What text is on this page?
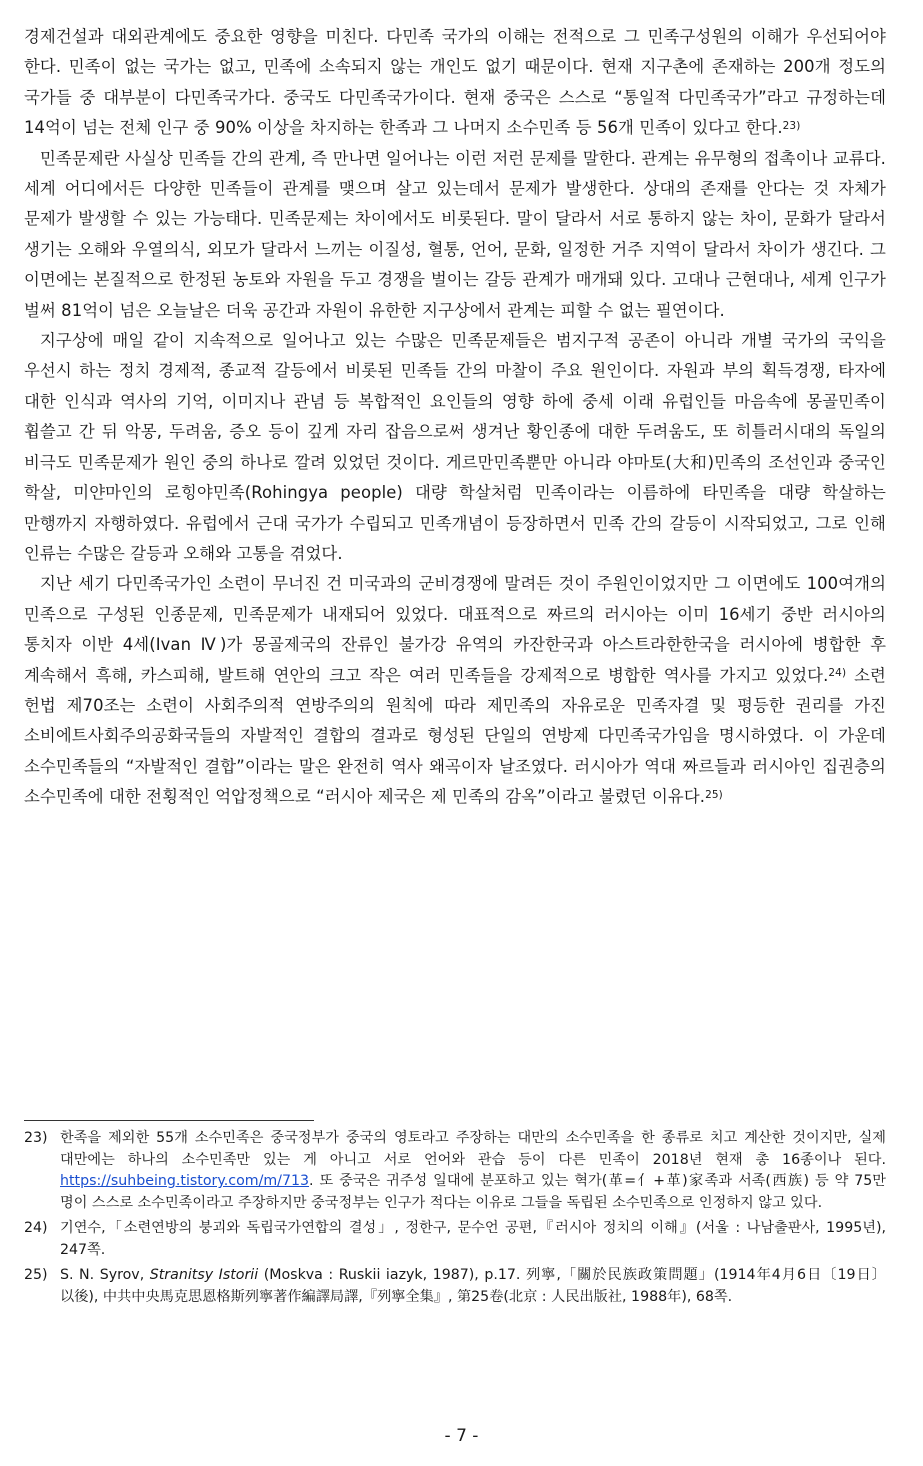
경제건설과 대외관계에도 중요한 영향을 미친다. 다민족 국가의 이해는 전적으로 그 민족구성원의 이해가 우선되어야 한다. 민족이 없는 국가는 없고, 민족에 소속되지 않는 개인도 없기 때문이다. 현재 지구촌에 존재하는 200개 정도의 국가들 중 대부분이 다민족국가다. 중국도 다민족국가이다. 현재 중국은 스스로 “통일적 다민족국가”라고 규정하는데 14억이 넘는 전체 인구 중 90% 이상을 차지하는 한족과 그 나머지 소수민족 등 56개 민족이 있다고 한다.$^{23)}$

민족문제란 사실상 민족들 간의 관계, 즉 만나면 일어나는 이런 저런 문제를 말한다. 관계는 유무형의 접촉이나 교류다. 세계 어디에서든 다양한 민족들이 관계를 맺으며 살고 있는데서 문제가 발생한다. 상대의 존재를 안다는 것 자체가 문제가 발생할 수 있는 가능태다. 민족문제는 차이에서도 비롯된다. 말이 달라서 서로 통하지 않는 차이, 문화가 달라서 생기는 오해와 우열의식, 외모가 달라서 느끼는 이질성, 혈통, 언어, 문화, 일정한 거주 지역이 달라서 차이가 생긴다. 그 이면에는 본질적으로 한정된 농토와 자원을 두고 경쟁을 벌이는 갈등 관계가 매개돼 있다. 고대나 근현대나, 세계 인구가 벌써 81억이 넘은 오늘날은 더욱 공간과 자원이 유한한 지구상에서 관계는 피할 수 없는 필연이다.

지구상에 매일 같이 지속적으로 일어나고 있는 수많은 민족문제들은 범지구적 공존이 아니라 개별 국가의 국익을 우선시 하는 정치 경제적, 종교적 갈등에서 비롯된 민족들 간의 마찰이 주요 원인이다. 자원과 부의 획득경쟁, 타자에 대한 인식과 역사의 기억, 이미지나 관념 등 복합적인 요인들의 영향 하에 중세 이래 유럽인들 마음속에 몽골민족이 휩쓸고 간 뒤 악몽, 두려움, 증오 등이 깊게 자리 잡음으로써 생겨난 황인종에 대한 두려움도, 또 히틀러시대의 독일의 비극도 민족문제가 원인 중의 하나로 깔려 있었던 것이다. 게르만민족뿐만 아니라 야마토(大和)민족의 조선인과 중국인 학살, 미얀마인의 로힝야민족(Rohingya people) 대량 학살처럼 민족이라는 이름하에 타민족을 대량 학살하는 만행까지 자행하였다. 유럽에서 근대 국가가 수립되고 민족개념이 등장하면서 민족 간의 갈등이 시작되었고, 그로 인해 인류는 수많은 갈등과 오해와 고통을 겪었다.

지난 세기 다민족국가인 소련이 무너진 건 미국과의 군비경쟁에 말려든 것이 주원인이었지만 그 이면에도 100여개의 민족으로 구성된 인종문제, 민족문제가 내재되어 있었다. 대표적으로 짜르의 러시아는 이미 16세기 중반 러시아의 통치자 이반 4세(Ivan Ⅳ)가 몽골제국의 잔류인 불가강 유역의 카잔한국과 아스트라한한국을 러시아에 병합한 후 계속해서 흑해, 카스피해, 발트해 연안의 크고 작은 여러 민족들을 강제적으로 병합한 역사를 가지고 있었다.$^{24)}$ 소련 헌법 제70조는 소련이 사회주의적 연방주의의 원칙에 따라 제민족의 자유로운 민족자결 및 평등한 권리를 가진 소비에트사회주의공화국들의 자발적인 결합의 결과로 형성된 단일의 연방제 다민족국가임을 명시하였다. 이 가운데 소수민족들의 “자발적인 결합”이라는 말은 완전히 역사 왜곡이자 날조였다. 러시아가 역대 짜르들과 러시아인 집권층의 소수민족에 대한 전횡적인 억압정책으로 “러시아 제국은 제 민족의 감옥”이라고 불렸던 이유다.$^{25)}$

23) 한족을 제외한 55개 소수민족은 중국정부가 중국의 영토라고 주장하는 대만의 소수민족을 한 종류로 치고 계산한 것이지만, 실제 대만에는 하나의 소수민족만 있는 게 아니고 서로 언어와 관습 등이 다른 민족이 2018년 현재 총 16종이나 된다. https://suhbeing.tistory.com/m/713. 또 중국은 귀주성 일대에 분포하고 있는 혁가(革=亻+革)家족과 서족(西族) 등 약 75만 명이 스스로 소수민족이라고 주장하지만 중국정부는 인구가 적다는 이유로 그들을 독립된 소수민족으로 인정하지 않고 있다.

24) 기연수,「소련연방의 붕괴와 독립국가연합의 결성」, 정한구, 문수언 공편,『러시아 정치의 이해』(서울 : 나남출판사, 1995년), 247쪽.

25) S. N. Syrov, Stranitsy Istorii (Moskva : Ruskii iazyk, 1987), p.17. 列寧,「關於民族政策問題」(1914年4月6日〔19日〕以後), 中共中央馬克思恩格斯列寧著作編譯局譯,『列寧全集』, 第25卷(北京 : 人民出版社, 1988年), 68쪽.

- 7 -
